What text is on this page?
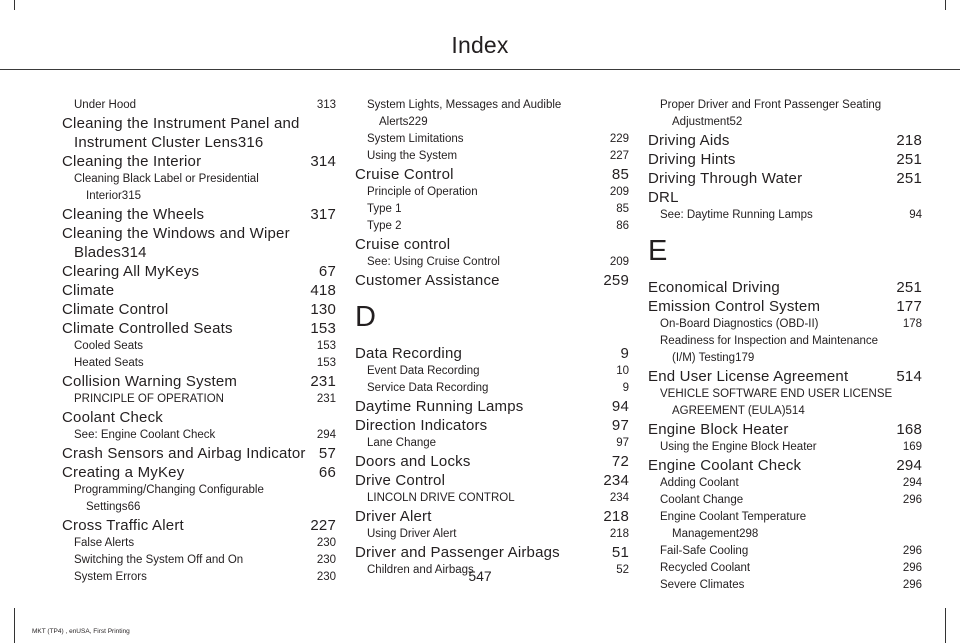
Index
Under Hood	313
Cleaning the Instrument Panel and
Instrument Cluster Lens 316
Cleaning the Interior	314
Cleaning Black Label or Presidential
Interior 315
Cleaning the Wheels	317
Cleaning the Windows and Wiper
Blades 314
Clearing All MyKeys	67
Climate	418
Climate Control	130
Climate Controlled Seats	153
Cooled Seats	153
Heated Seats	153
Collision Warning System	231
PRINCIPLE OF OPERATION	231
Coolant Check
See: Engine Coolant Check	294
Crash Sensors and Airbag Indicator 57
Creating a MyKey	66
Programming/Changing Configurable
Settings 66
Cross Traffic Alert	227
False Alerts	230
Switching the System Off and On	230
System Errors	230
System Lights, Messages and Audible
Alerts 229
System Limitations	229
Using the System	227
Cruise Control	85
Principle of Operation	209
Type 1	85
Type 2	86
Cruise control
See: Using Cruise Control	209
Customer Assistance	259
D
Data Recording	9
Event Data Recording	10
Service Data Recording	9
Daytime Running Lamps	94
Direction Indicators	97
Lane Change	97
Doors and Locks	72
Drive Control	234
LINCOLN DRIVE CONTROL	234
Driver Alert	218
Using Driver Alert	218
Driver and Passenger Airbags	51
Children and Airbags	52
Proper Driver and Front Passenger Seating
Adjustment 52
Driving Aids	218
Driving Hints	251
Driving Through Water	251
DRL
See: Daytime Running Lamps	94
E
Economical Driving	251
Emission Control System	177
On-Board Diagnostics (OBD-II)	178
Readiness for Inspection and Maintenance
(I/M) Testing 179
End User License Agreement	514
VEHICLE SOFTWARE END USER LICENSE
AGREEMENT (EULA) 514
Engine Block Heater	168
Using the Engine Block Heater	169
Engine Coolant Check	294
Adding Coolant	294
Coolant Change	296
Engine Coolant Temperature
Management 298
Fail-Safe Cooling	296
Recycled Coolant	296
Severe Climates	296
547
MKT (TP4) , enUSA, First Printing
